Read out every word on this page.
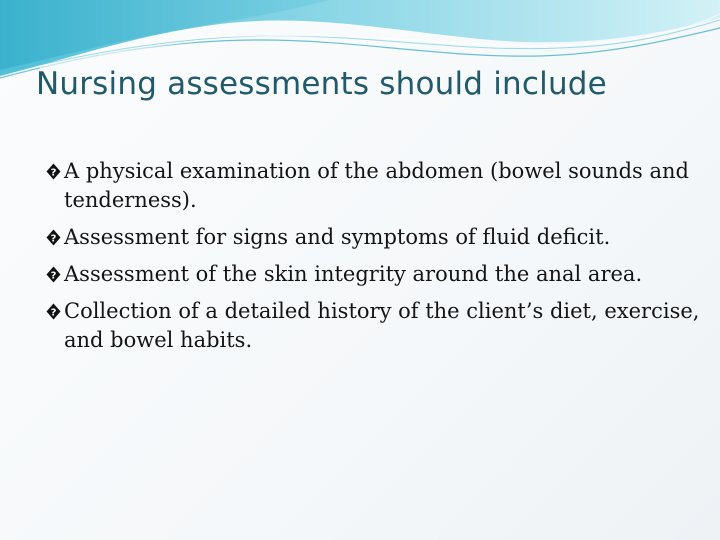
Nursing assessments should include
? A physical examination of the abdomen (bowel sounds and tenderness).
? Assessment for signs and symptoms of fluid deficit.
? Assessment of the skin integrity around the anal area.
? Collection of a detailed history of the client’s diet, exercise, and bowel habits.
